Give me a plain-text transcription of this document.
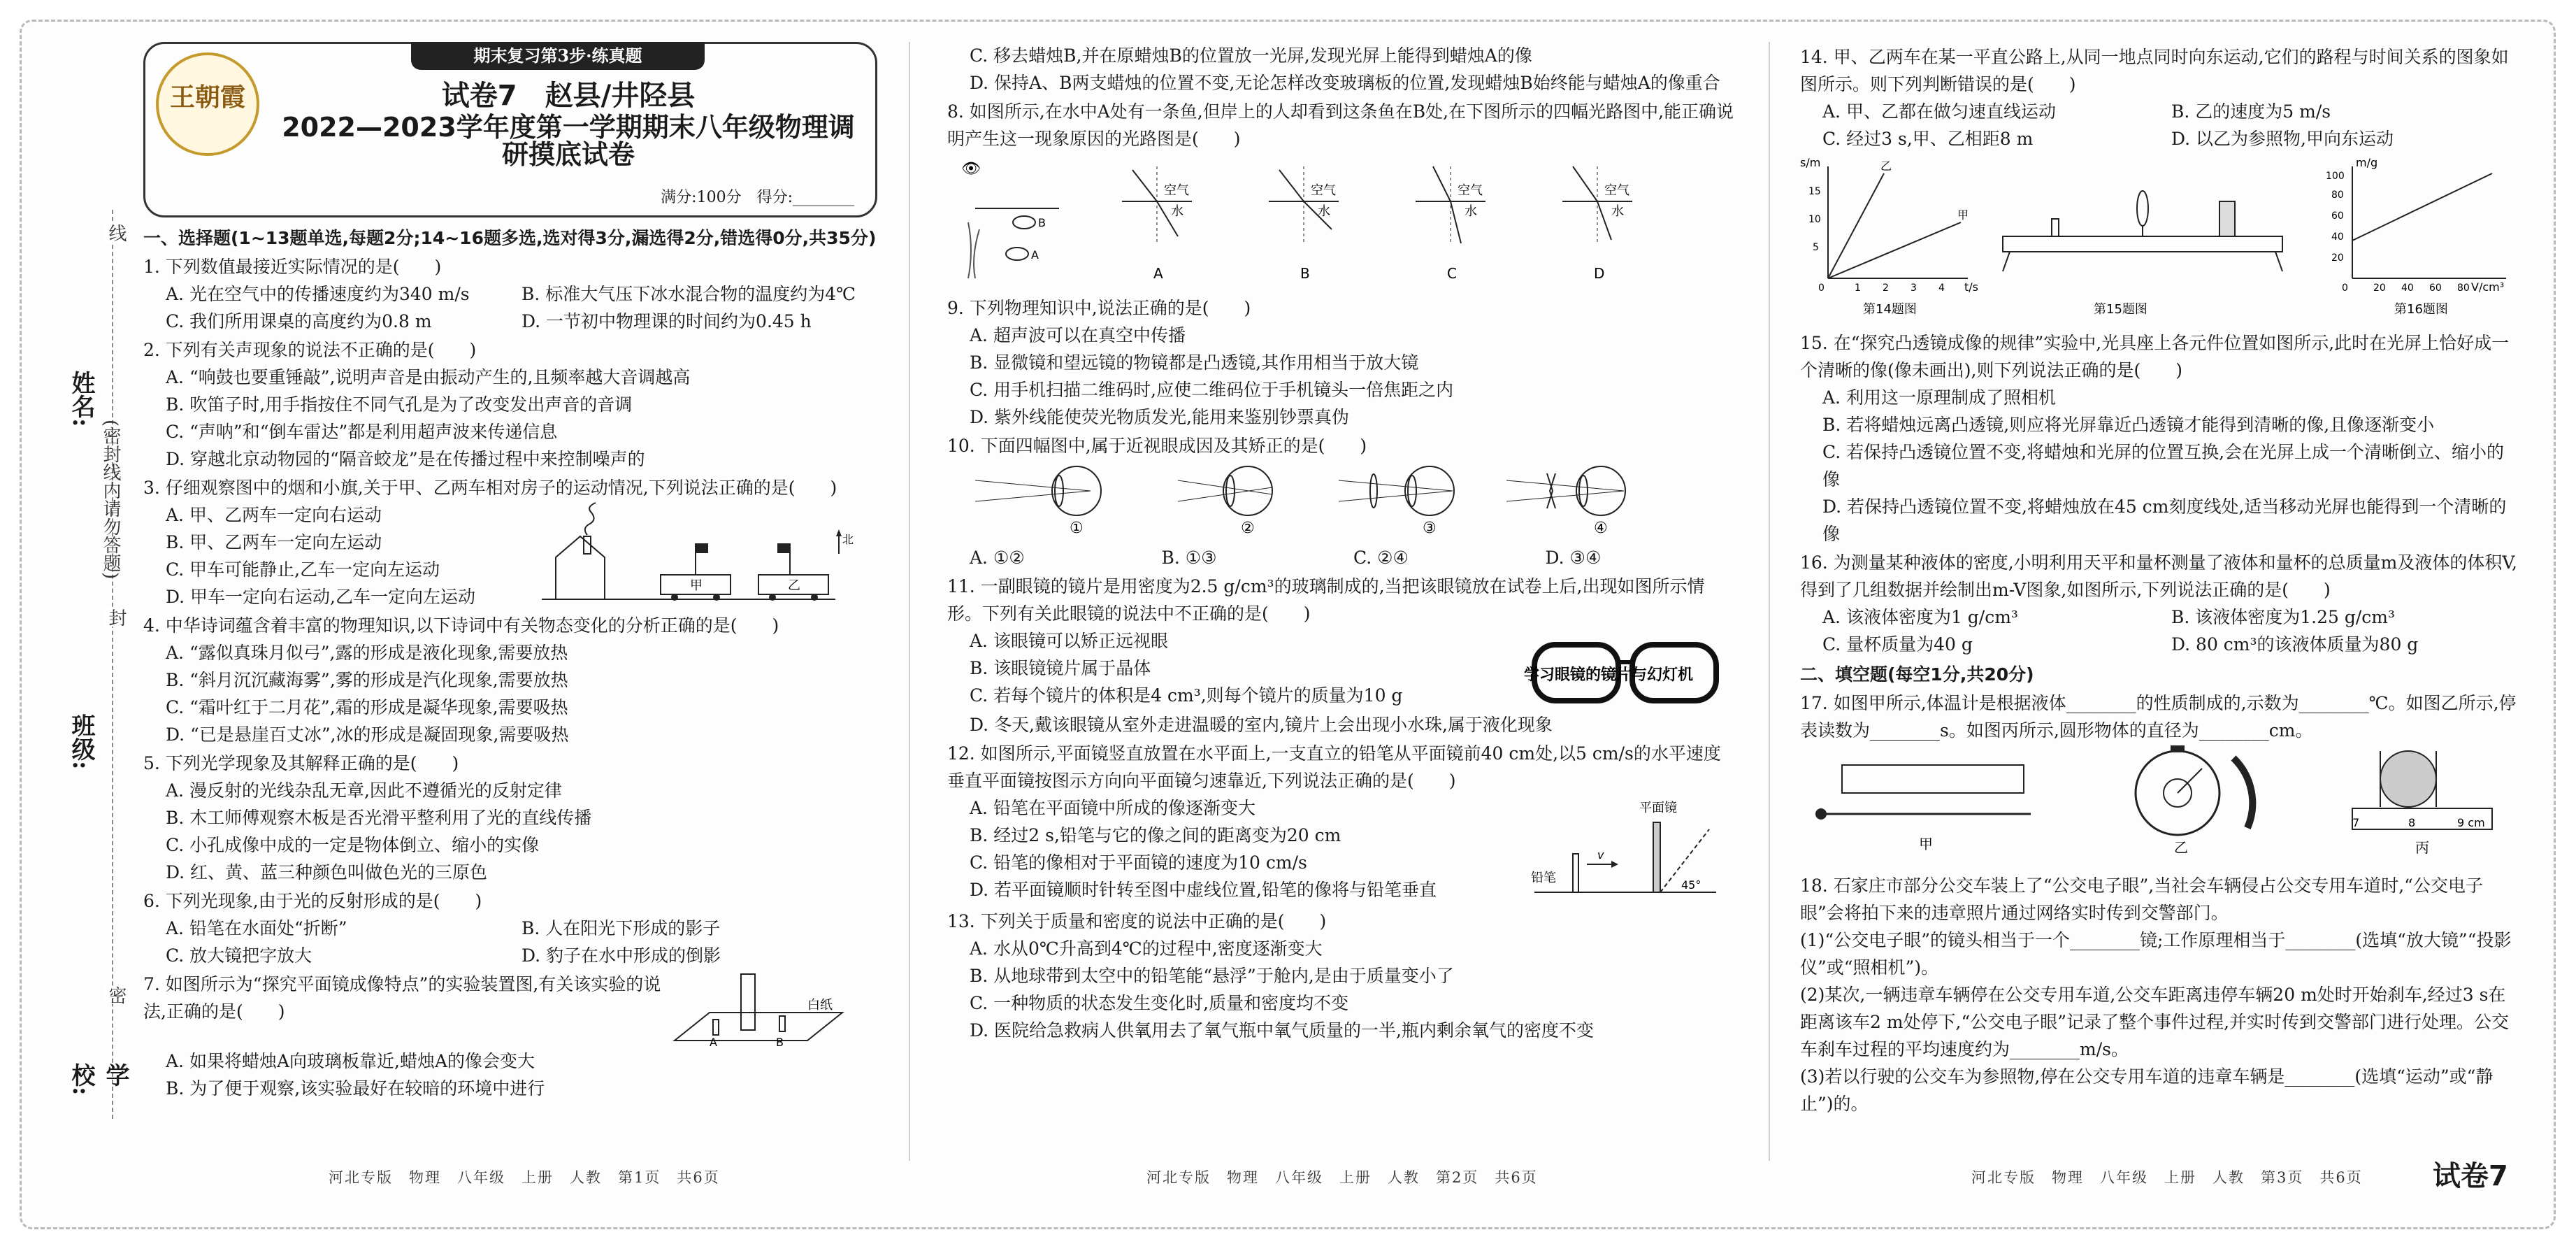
姓名:
(密封线内请勿答题)
班级:
学校:
线
封
密
期末复习第3步·练真题
王朝霞	试卷7　赵县/井陉县
2022—2023学年度第一学期期末八年级物理调研摸底试卷
满分:100分　得分:________
一、选择题(1~13题单选,每题2分;14~16题多选,选对得3分,漏选得2分,错选得0分,共35分)
1. 下列数值最接近实际情况的是(　　)
A. 光在空气中的传播速度约为340 m/s	B. 标准大气压下冰水混合物的温度约为4℃
C. 我们所用课桌的高度约为0.8 m	D. 一节初中物理课的时间约为0.45 h
2. 下列有关声现象的说法不正确的是(　　)
A. “响鼓也要重锤敲”,说明声音是由振动产生的,且频率越大音调越高
B. 吹笛子时,用手指按住不同气孔是为了改变发出声音的音调
C. “声呐”和“倒车雷达”都是利用超声波来传递信息
D. 穿越北京动物园的“隔音蛟龙”是在传播过程中来控制噪声的
3. 仔细观察图中的烟和小旗,关于甲、乙两车相对房子的运动情况,下列说法正确的是(　　)
A. 甲、乙两车一定向右运动
B. 甲、乙两车一定向左运动
C. 甲车可能静止,乙车一定向左运动
D. 甲车一定向右运动,乙车一定向左运动
甲	乙
北
4. 中华诗词蕴含着丰富的物理知识,以下诗词中有关物态变化的分析正确的是(　　)
A. “露似真珠月似弓”,露的形成是液化现象,需要放热
B. “斜月沉沉藏海雾”,雾的形成是汽化现象,需要放热
C. “霜叶红于二月花”,霜的形成是凝华现象,需要吸热
D. “已是悬崖百丈冰”,冰的形成是凝固现象,需要吸热
5. 下列光学现象及其解释正确的是(　　)
A. 漫反射的光线杂乱无章,因此不遵循光的反射定律
B. 木工师傅观察木板是否光滑平整利用了光的直线传播
C. 小孔成像中成的一定是物体倒立、缩小的实像
D. 红、黄、蓝三种颜色叫做色光的三原色
6. 下列光现象,由于光的反射形成的是(　　)
A. 铅笔在水面处“折断”	B. 人在阳光下形成的影子
C. 放大镜把字放大	D. 豹子在水中形成的倒影
7. 如图所示为“探究平面镜成像特点”的实验装置图,有关该实验的说法,正确的是(　　)
A	B
白纸
A. 如果将蜡烛A向玻璃板靠近,蜡烛A的像会变大
B. 为了便于观察,该实验最好在较暗的环境中进行
河北专版　物理　八年级　上册　人教　第1页　共6页
C. 移去蜡烛B,并在原蜡烛B的位置放一光屏,发现光屏上能得到蜡烛A的像
D. 保持A、B两支蜡烛的位置不变,无论怎样改变玻璃板的位置,发现蜡烛B始终能与蜡烛A的像重合
8. 如图所示,在水中A处有一条鱼,但岸上的人却看到这条鱼在B处,在下图所示的四幅光路图中,能正确说明产生这一现象原因的光路图是(　　)
👁
B
A
空气
水
A
空气
水
B
空气
水
C
空气
水
D
9. 下列物理知识中,说法正确的是(　　)
A. 超声波可以在真空中传播
B. 显微镜和望远镜的物镜都是凸透镜,其作用相当于放大镜
C. 用手机扫描二维码时,应使二维码位于手机镜头一倍焦距之内
D. 紫外线能使荧光物质发光,能用来鉴别钞票真伪
10. 下面四幅图中,属于近视眼成因及其矫正的是(　　)
①	②	③	④
A. ①②	B. ①③	C. ②④	D. ③④
11. 一副眼镜的镜片是用密度为2.5 g/cm³的玻璃制成的,当把该眼镜放在试卷上后,出现如图所示情形。下列有关此眼镜的说法中不正确的是(　　)
A. 该眼镜可以矫正远视眼
B. 该眼镜镜片属于晶体
C. 若每个镜片的体积是4 cm³,则每个镜片的质量为10 g
学习眼镜的镜片与幻灯机
D. 冬天,戴该眼镜从室外走进温暖的室内,镜片上会出现小水珠,属于液化现象
12. 如图所示,平面镜竖直放置在水平面上,一支直立的铅笔从平面镜前40 cm处,以5 cm/s的水平速度垂直平面镜按图示方向向平面镜匀速靠近,下列说法正确的是(　　)
A. 铅笔在平面镜中所成的像逐渐变大
B. 经过2 s,铅笔与它的像之间的距离变为20 cm
C. 铅笔的像相对于平面镜的速度为10 cm/s
D. 若平面镜顺时针转至图中虚线位置,铅笔的像将与铅笔垂直
v
平面镜
铅笔	45°
13. 下列关于质量和密度的说法中正确的是(　　)
A. 水从0℃升高到4℃的过程中,密度逐渐变大
B. 从地球带到太空中的铅笔能“悬浮”于舱内,是由于质量变小了
C. 一种物质的状态发生变化时,质量和密度均不变
D. 医院给急救病人供氧用去了氧气瓶中氧气质量的一半,瓶内剩余氧气的密度不变
河北专版　物理　八年级　上册　人教　第2页　共6页
14. 甲、乙两车在某一平直公路上,从同一地点同时向东运动,它们的路程与时间关系的图象如图所示。则下列判断错误的是(　　)
A. 甲、乙都在做匀速直线运动	B. 乙的速度为5 m/s
C. 经过3 s,甲、乙相距8 m	D. 以乙为参照物,甲向东运动
s/m
t/s
甲
乙
15
10
5
0	1 2 3 4
第14题图	第15题图
m/g
V/cm³
100
80
60
40
20
0	20 40 60 80
第16题图
15. 在“探究凸透镜成像的规律”实验中,光具座上各元件位置如图所示,此时在光屏上恰好成一个清晰的像(像未画出),则下列说法正确的是(　　)
A. 利用这一原理制成了照相机
B. 若将蜡烛远离凸透镜,则应将光屏靠近凸透镜才能得到清晰的像,且像逐渐变小
C. 若保持凸透镜位置不变,将蜡烛和光屏的位置互换,会在光屏上成一个清晰倒立、缩小的像
D. 若保持凸透镜位置不变,将蜡烛放在45 cm刻度线处,适当移动光屏也能得到一个清晰的像
16. 为测量某种液体的密度,小明利用天平和量杯测量了液体和量杯的总质量m及液体的体积V,得到了几组数据并绘制出m-V图象,如图所示,下列说法正确的是(　　)
A. 该液体密度为1 g/cm³	B. 该液体密度为1.25 g/cm³
C. 量杯质量为40 g	D. 80 cm³的该液体质量为80 g
二、填空题(每空1分,共20分)
17. 如图甲所示,体温计是根据液体________的性质制成的,示数为________℃。如图乙所示,停表读数为________s。如图丙所示,圆形物体的直径为________cm。
甲	乙
7	8	9 cm
丙
18. 石家庄市部分公交车装上了“公交电子眼”,当社会车辆侵占公交专用车道时,“公交电子眼”会将拍下来的违章照片通过网络实时传到交警部门。
(1)“公交电子眼”的镜头相当于一个________镜;工作原理相当于________(选填“放大镜”“投影仪”或“照相机”)。
(2)某次,一辆违章车辆停在公交专用车道,公交车距离违停车辆20 m处时开始刹车,经过3 s在距离该车2 m处停下,“公交电子眼”记录了整个事件过程,并实时传到交警部门进行处理。公交车刹车过程的平均速度约为________m/s。
(3)若以行驶的公交车为参照物,停在公交专用车道的违章车辆是________(选填“运动”或“静止”)的。
河北专版　物理　八年级　上册　人教　第3页　共6页	试卷7
